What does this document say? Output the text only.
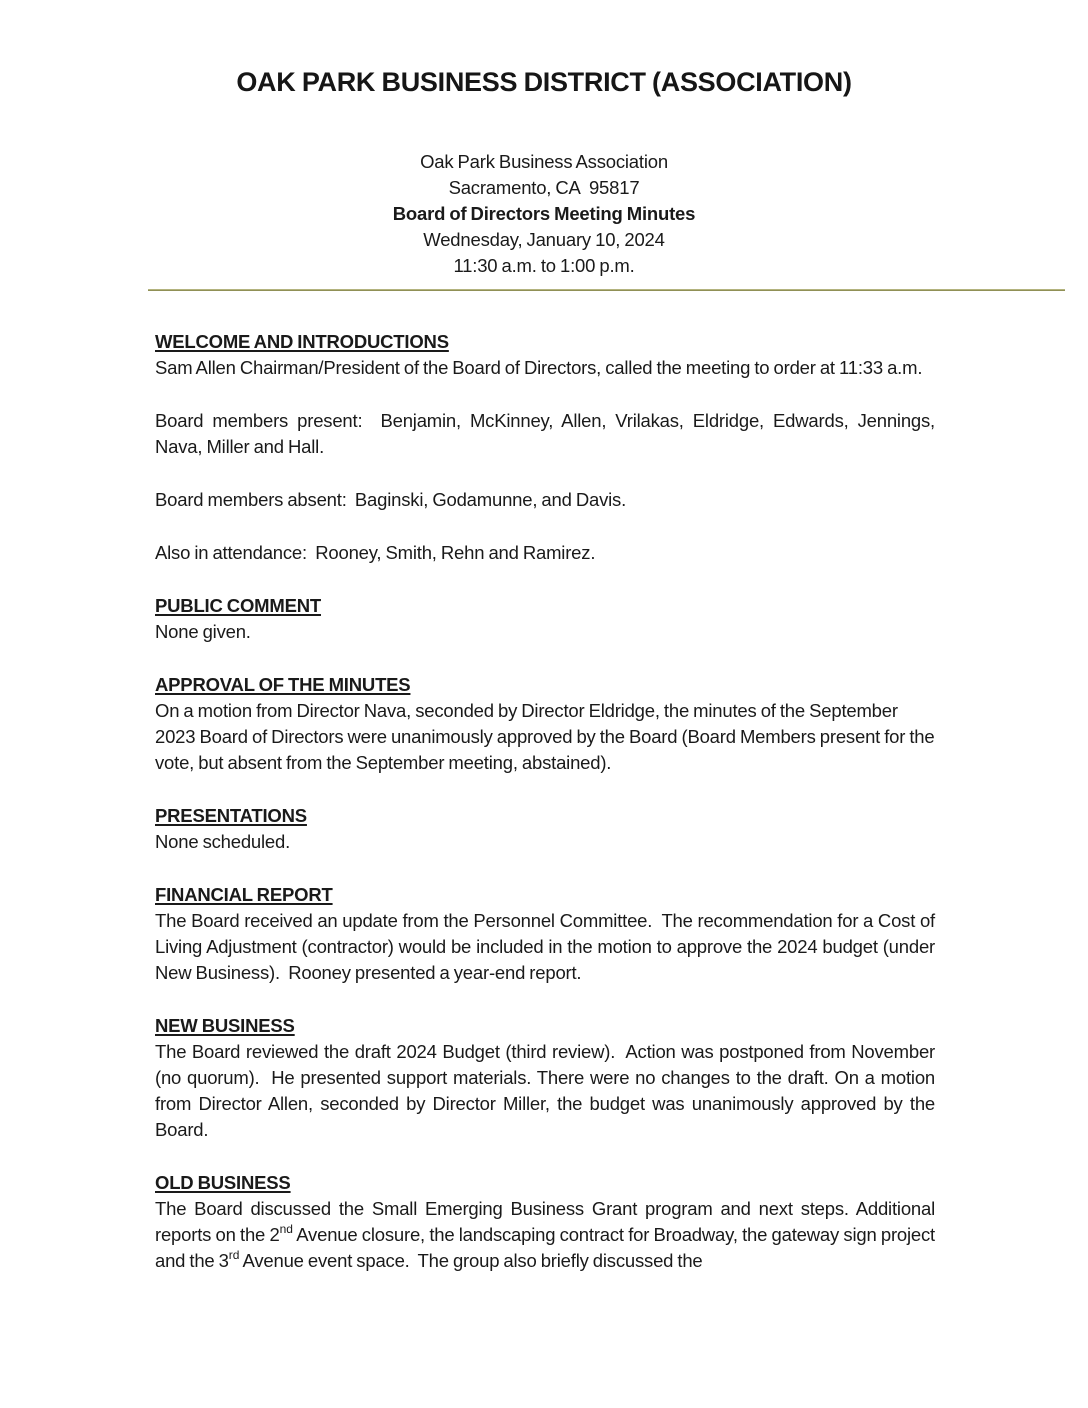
OAK PARK BUSINESS DISTRICT (ASSOCIATION)
Oak Park Business Association
Sacramento, CA  95817
Board of Directors Meeting Minutes
Wednesday, January 10, 2024
11:30 a.m. to 1:00 p.m.
WELCOME AND INTRODUCTIONS

Sam Allen Chairman/President of the Board of Directors, called the meeting to order at 11:33 a.m.

Board members present:  Benjamin, McKinney, Allen, Vrilakas, Eldridge, Edwards, Jennings, Nava, Miller and Hall.

Board members absent:  Baginski, Godamunne, and Davis.

Also in attendance:  Rooney, Smith, Rehn and Ramirez.

PUBLIC COMMENT

None given.

APPROVAL OF THE MINUTES

On a motion from Director Nava, seconded by Director Eldridge, the minutes of the September 2023 Board of Directors were unanimously approved by the Board (Board Members present for the vote, but absent from the September meeting, abstained).

PRESENTATIONS

None scheduled.

FINANCIAL REPORT

The Board received an update from the Personnel Committee.  The recommendation for a Cost of Living Adjustment (contractor) would be included in the motion to approve the 2024 budget (under New Business).  Rooney presented a year-end report.

NEW BUSINESS

The Board reviewed the draft 2024 Budget (third review).  Action was postponed from November (no quorum).  He presented support materials. There were no changes to the draft. On a motion from Director Allen, seconded by Director Miller, the budget was unanimously approved by the Board.

OLD BUSINESS

The Board discussed the Small Emerging Business Grant program and next steps. Additional reports on the 2nd Avenue closure, the landscaping contract for Broadway, the gateway sign project and the 3rd Avenue event space.  The group also briefly discussed the
